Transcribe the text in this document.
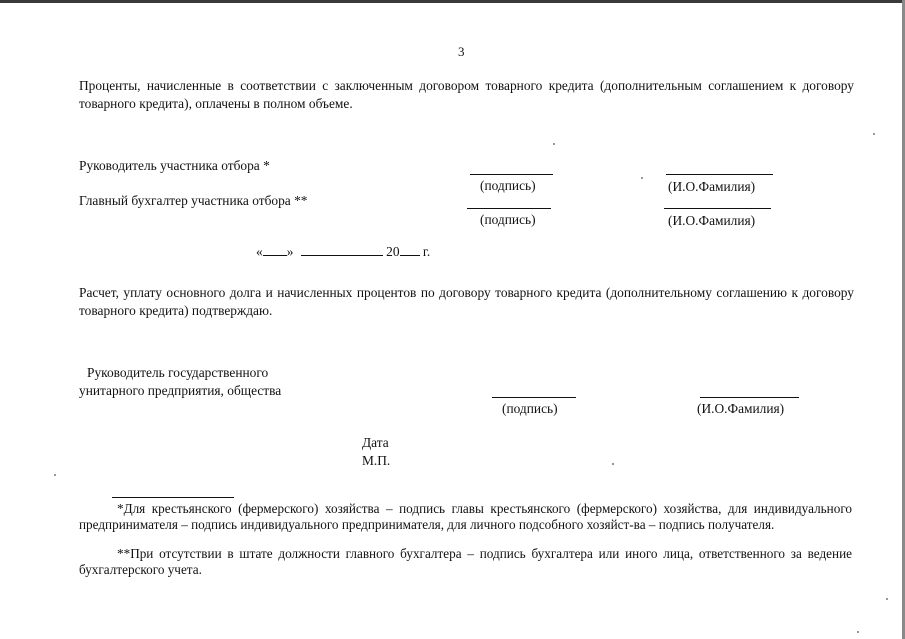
3
Проценты, начисленные в соответствии с заключенным договором товарного кредита (дополнительным соглашением к договору товарного кредита), оплачены в полном объеме.
Руководитель участника отбора *
(подпись)	(И.О.Фамилия)
Главный бухгалтер участника отбора **
(подпись)	(И.О.Фамилия)
« »	20 г.
Расчет, уплату основного долга и начисленных процентов по договору товарного кредита (дополнительному соглашению к договору товарного кредита) подтверждаю.
Руководитель государственного
унитарного предприятия, общества
(подпись)	(И.О.Фамилия)
Дата
М.П.
*Для крестьянского (фермерского) хозяйства – подпись главы крестьянского (фермерского) хозяйства, для индивидуального предпринимателя – подпись индивидуального предпринимателя, для личного подсобного хозяйст-ва – подпись получателя.
**При отсутствии в штате должности главного бухгалтера – подпись бухгалтера или иного лица, ответственного за ведение бухгалтерского учета.
